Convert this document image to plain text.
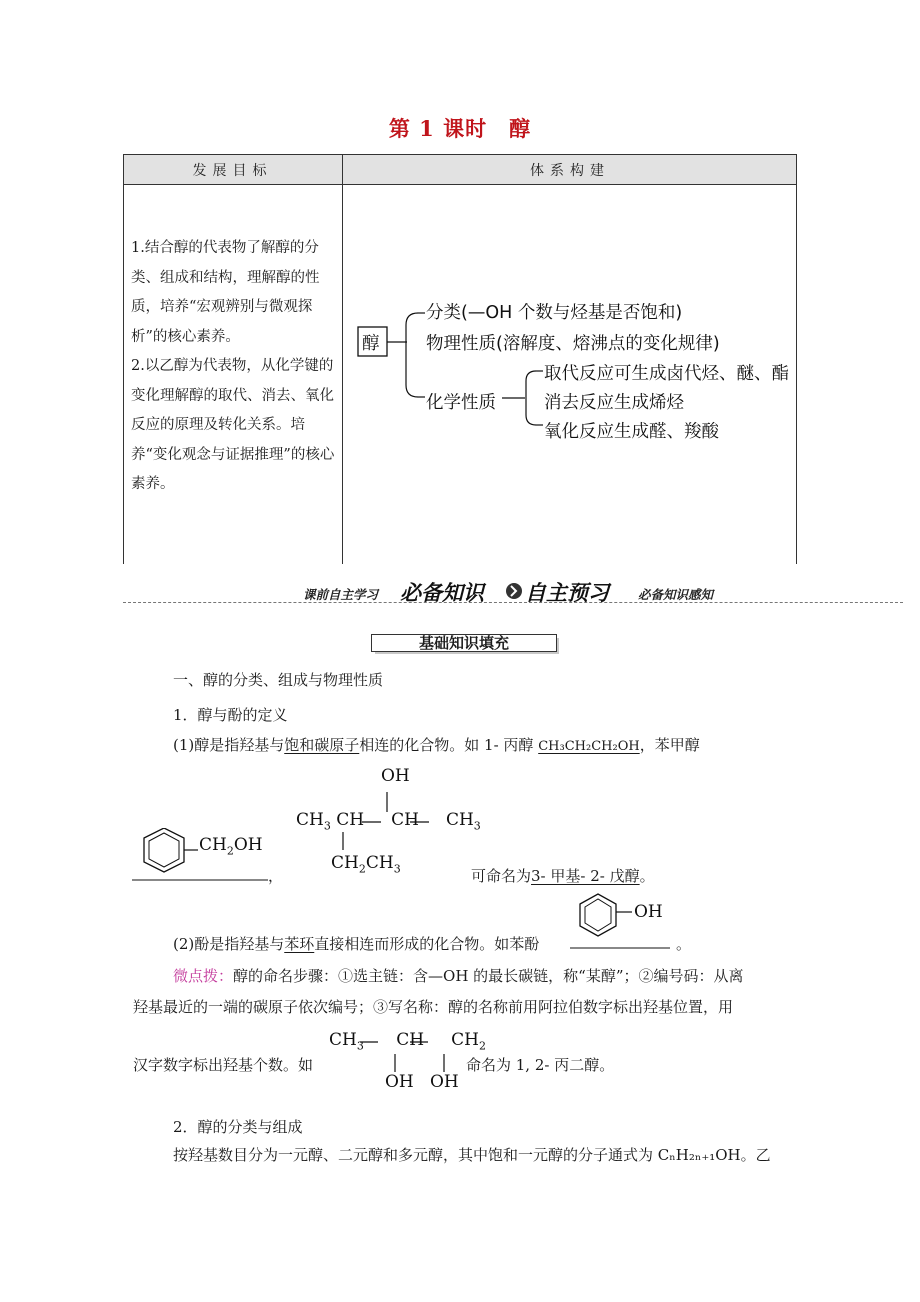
第 1 课时　醇
发展目标	体系构建

1.结合醇的代表物了解醇的分类、组成和结构，理解醇的性质，培养“宏观辨别与微观探析”的核心素养。

2.以乙醇为代表物，从化学键的变化理解醇的取代、消去、氧化反应的原理及转化关系。培养“变化观念与证据推理”的核心素养。

醇
分类(—OH 个数与烃基是否饱和)
物理性质(溶解度、熔沸点的变化规律)
化学性质
取代反应可生成卤代烃、醚、酯
消去反应生成烯烃
氧化反应生成醛、羧酸
课前自主学习 必备知识 自主预习 必备知识感知
基础知识填充
一、醇的分类、组成与物理性质
1．醇与酚的定义
(1)醇是指羟基与饱和碳原子相连的化合物。如 1- 丙醇 CH₃CH₂CH₂OH，苯甲醇
$CH_2OH$
，
OH
$CH_3$ CH     CH     $CH_3$
$CH_2CH_3$	可命名为3- 甲基- 2- 戊醇。
(2)酚是指羟基与苯环直接相连而形成的化合物。如苯酚
OH
。
微点拨：醇的命名步骤：①选主链：含—OH 的最长碳链，称“某醇”；②编号码：从离
羟基最近的一端的碳原子依次编号；③写名称：醇的名称前用阿拉伯数字标出羟基位置，用
汉字数字标出羟基个数。如
$CH_3$      CH     $CH_2$
OH   OH
命名为 1, 2- 丙二醇。
2．醇的分类与组成
按羟基数目分为一元醇、二元醇和多元醇，其中饱和一元醇的分子通式为 CₙH₂ₙ₊₁OH。乙
